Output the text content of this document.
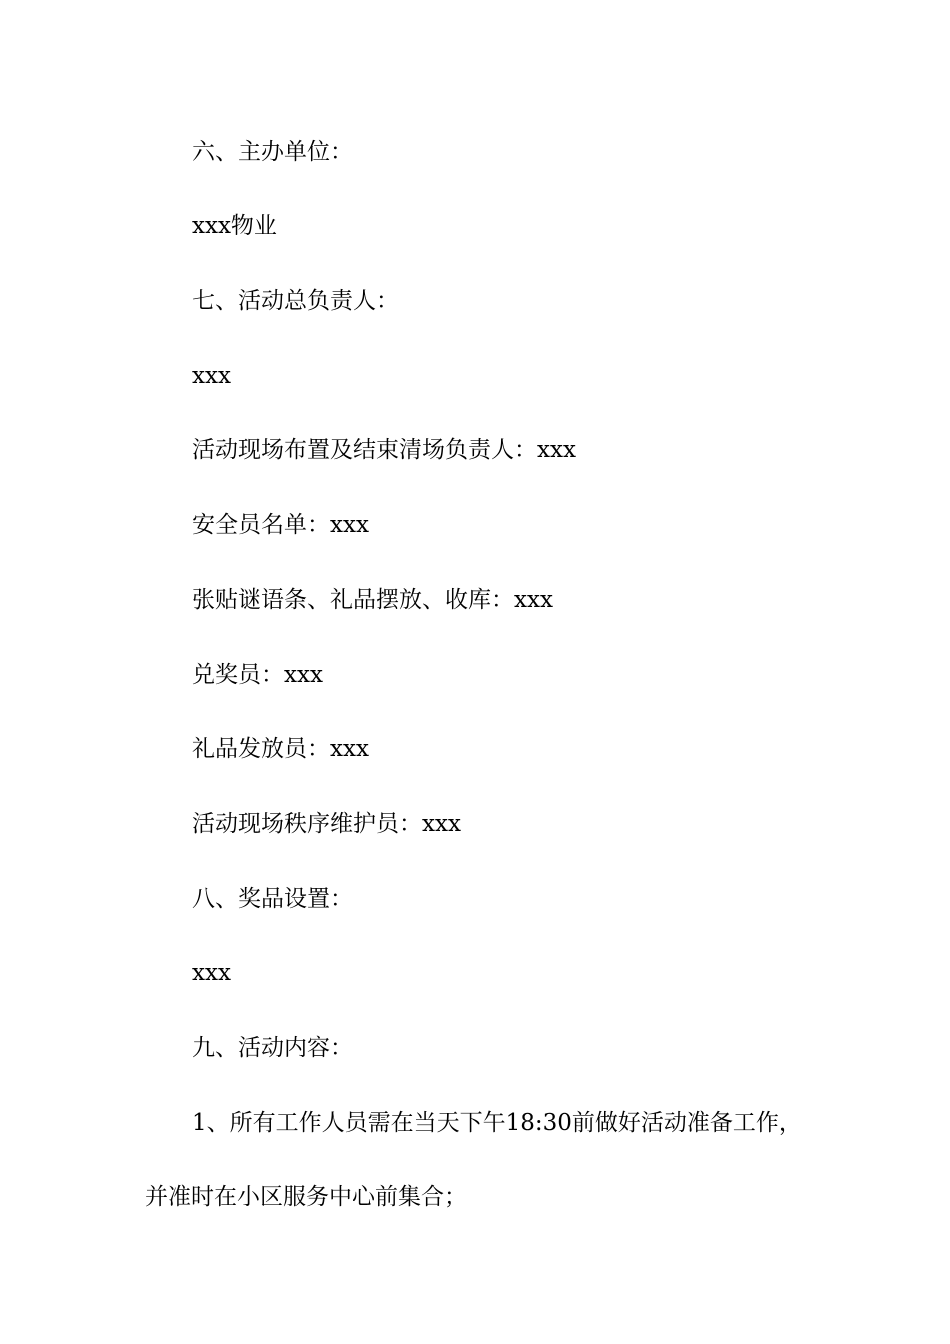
六、主办单位：
xxx物业
七、活动总负责人：
xxx
活动现场布置及结束清场负责人：xxx
安全员名单：xxx
张贴谜语条、礼品摆放、收库：xxx
兑奖员：xxx
礼品发放员：xxx
活动现场秩序维护员：xxx
八、奖品设置：
xxx
九、活动内容：
1、所有工作人员需在当天下午18:30前做好活动准备工作，
并准时在小区服务中心前集合；
